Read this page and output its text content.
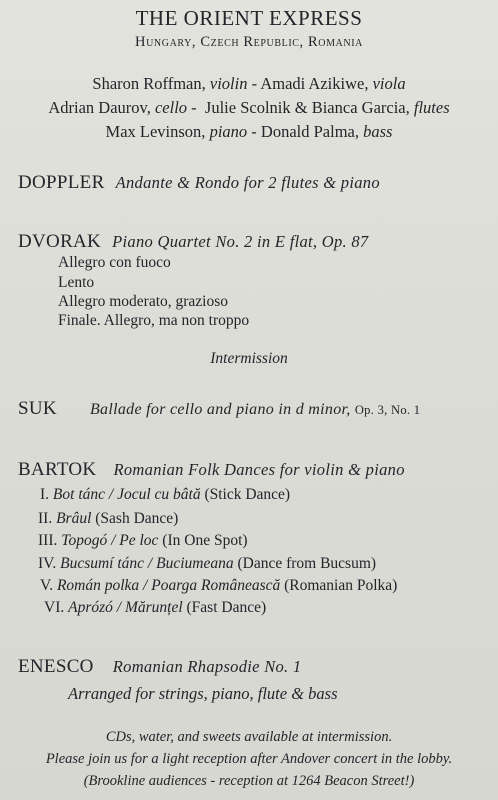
THE ORIENT EXPRESS
Hungary, Czech Republic, Romania
Sharon Roffman, violin - Amadi Azikiwe, viola
Adrian Daurov, cello -  Julie Scolnik & Bianca Garcia, flutes
Max Levinson, piano - Donald Palma, bass
DOPPLER Andante & Rondo for 2 flutes & piano
DVORAK Piano Quartet No. 2 in E flat, Op. 87
Allegro con fuoco
Lento
Allegro moderato, grazioso
Finale. Allegro, ma non troppo
Intermission
SUK Ballade for cello and piano in d minor, Op. 3, No. 1
BARTOK Romanian Folk Dances for violin & piano
I. Bot tánc / Jocul cu bâtă (Stick Dance)
II. Brâul (Sash Dance)
III. Topogó / Pe loc (In One Spot)
IV. Bucsumí tánc / Buciumeana (Dance from Bucsum)
V. Román polka / Poarga Românească (Romanian Polka)
VI. Aprózó / Mărunțel (Fast Dance)
ENESCO Romanian Rhapsodie No. 1
Arranged for strings, piano, flute & bass
CDs, water, and sweets available at intermission.
Please join us for a light reception after Andover concert in the lobby.
(Brookline audiences - reception at 1264 Beacon Street!)
